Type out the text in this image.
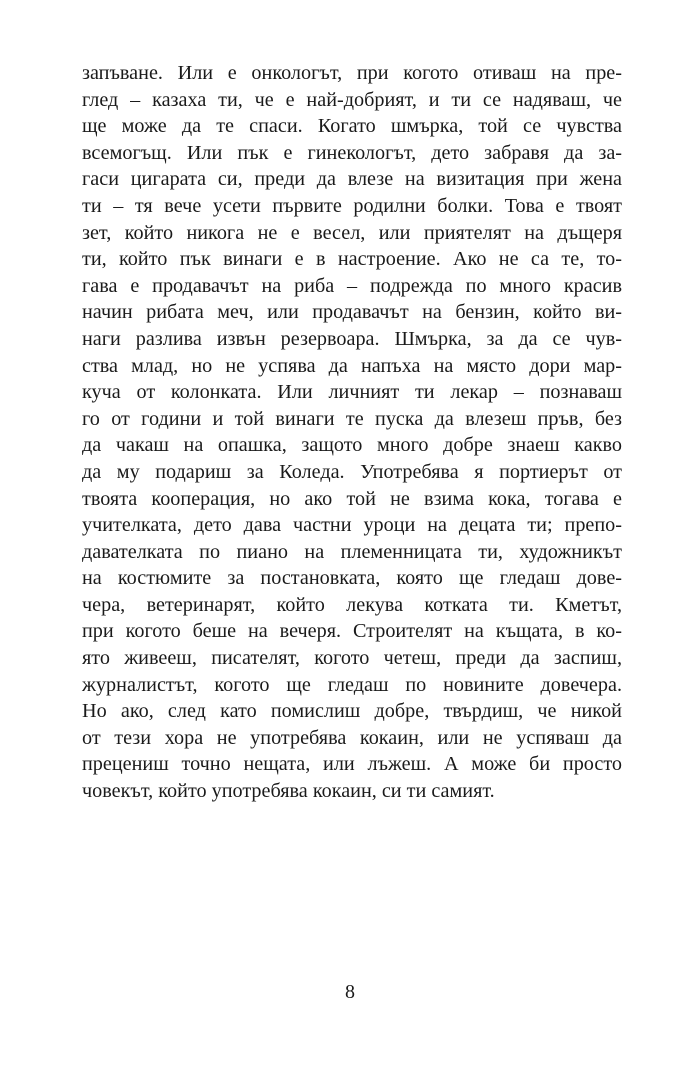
запъване. Или е онкологът, при когото отиваш на пре-
глед – казаха ти, че е най-добрият, и ти се надяваш, че
ще може да те спаси. Когато шмърка, той се чувства
всемогъщ. Или пък е гинекологът, дето забравя да за-
гаси цигарата си, преди да влезе на визитация при жена
ти – тя вече усети първите родилни болки. Това е твоят
зет, който никога не е весел, или приятелят на дъщеря
ти, който пък винаги е в настроение. Ако не са те, то-
гава е продавачът на риба – подрежда по много красив
начин рибата меч, или продавачът на бензин, който ви-
наги разлива извън резервоара. Шмърка, за да се чув-
ства млад, но не успява да напъха на място дори мар-
куча от колонката. Или личният ти лекар – познаваш
го от години и той винаги те пуска да влезеш пръв, без
да чакаш на опашка, защото много добре знаеш какво
да му подариш за Коледа. Употребява я портиерът от
твоята кооперация, но ако той не взима кока, тогава е
учителката, дето дава частни уроци на децата ти; препо-
давателката по пиано на племенницата ти, художникът
на костюмите за постановката, която ще гледаш дове-
чера, ветеринарят, който лекува котката ти. Кметът,
при когото беше на вечеря. Строителят на къщата, в ко-
ято живееш, писателят, когото четеш, преди да заспиш,
журналистът, когото ще гледаш по новините довечера.
Но ако, след като помислиш добре, твърдиш, че никой
от тези хора не употребява кокаин, или не успяваш да
прецениш точно нещата, или лъжеш. А може би просто
човекът, който употребява кокаин, си ти самият.
8
